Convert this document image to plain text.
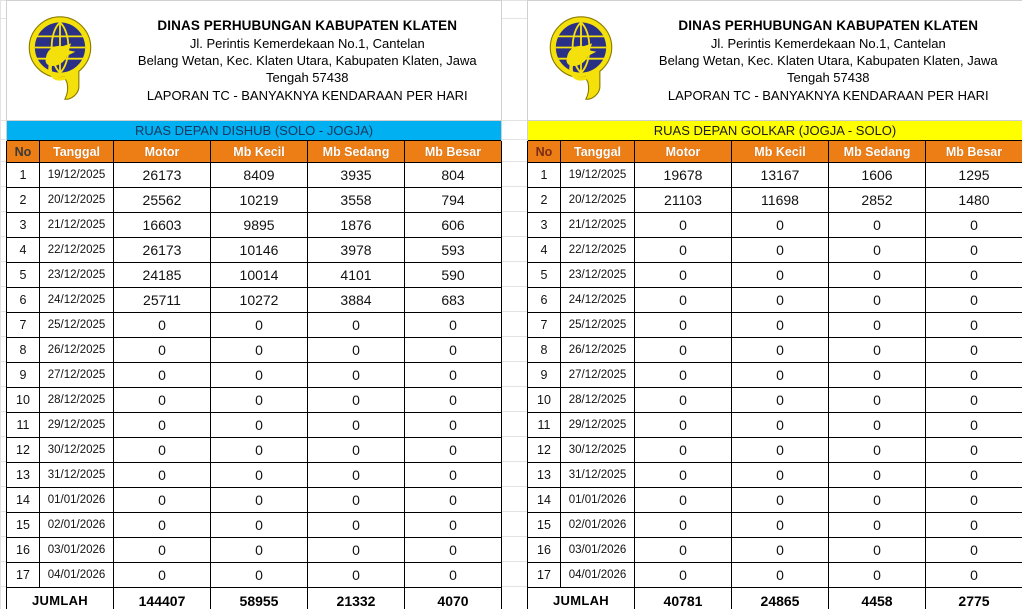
DINAS PERHUBUNGAN KABUPATEN KLATEN
Jl. Perintis Kemerdekaan No.1, Cantelan
Belang Wetan, Kec. Klaten Utara, Kabupaten Klaten, Jawa
Tengah 57438
LAPORAN TC - BANYAKNYA KENDARAAN PER HARI			

RUAS DEPAN DISHUB (SOLO - JOGJA)					
No	Tanggal	Motor	Mb Kecil	Mb Sedang	Mb Besar
1	19/12/2025	26173	8409	3935	804
2	20/12/2025	25562	10219	3558	794
3	21/12/2025	16603	9895	1876	606
4	22/12/2025	26173	10146	3978	593
5	23/12/2025	24185	10014	4101	590
6	24/12/2025	25711	10272	3884	683
7	25/12/2025	0	0	0	0
8	26/12/2025	0	0	0	0
9	27/12/2025	0	0	0	0
10	28/12/2025	0	0	0	0
11	29/12/2025	0	0	0	0
12	30/12/2025	0	0	0	0
13	31/12/2025	0	0	0	0
14	01/01/2026	0	0	0	0
15	02/01/2026	0	0	0	0
16	03/01/2026	0	0	0	0
17	04/01/2026	0	0	0	0
JUMLAH		144407	58955	21332	4070

DINAS PERHUBUNGAN KABUPATEN KLATEN
Jl. Perintis Kemerdekaan No.1, Cantelan
Belang Wetan, Kec. Klaten Utara, Kabupaten Klaten, Jawa
Tengah 57438
LAPORAN TC - BANYAKNYA KENDARAAN PER HARI			

RUAS DEPAN GOLKAR (JOGJA - SOLO)					
No	Tanggal	Motor	Mb Kecil	Mb Sedang	Mb Besar
1	19/12/2025	19678	13167	1606	1295
2	20/12/2025	21103	11698	2852	1480
3	21/12/2025	0	0	0	0
4	22/12/2025	0	0	0	0
5	23/12/2025	0	0	0	0
6	24/12/2025	0	0	0	0
7	25/12/2025	0	0	0	0
8	26/12/2025	0	0	0	0
9	27/12/2025	0	0	0	0
10	28/12/2025	0	0	0	0
11	29/12/2025	0	0	0	0
12	30/12/2025	0	0	0	0
13	31/12/2025	0	0	0	0
14	01/01/2026	0	0	0	0
15	02/01/2026	0	0	0	0
16	03/01/2026	0	0	0	0
17	04/01/2026	0	0	0	0
JUMLAH		40781	24865	4458	2775
